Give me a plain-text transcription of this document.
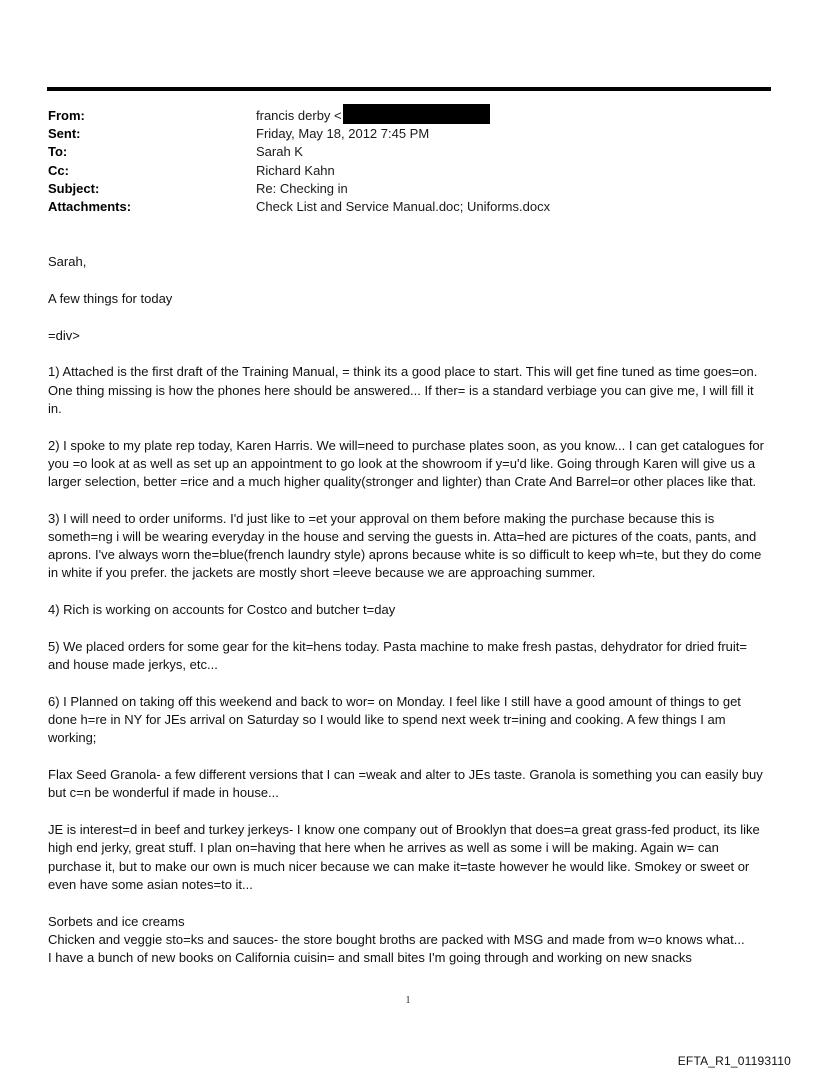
From:	francis derby <
Sent:	Friday, May 18, 2012 7:45 PM
To:	Sarah K
Cc:	Richard Kahn
Subject:	Re: Checking in
Attachments:	Check List and Service Manual.doc; Uniforms.docx

Sarah,

A few things for today

=div>

1) Attached is the first draft of the Training Manual, = think its a good place to start. This will get fine tuned as time goes=on. One thing missing is how the phones here should be answered... If ther= is a standard verbiage you can give me, I will fill it in.

2) I spoke to my plate rep today, Karen Harris. We will=need to purchase plates soon, as you know... I can get catalogues for you =o look at as well as set up an appointment to go look at the showroom if y=u'd like. Going through Karen will give us a larger selection, better =rice and a much higher quality(stronger and lighter) than Crate And Barrel=or other places like that.

3) I will need to order uniforms. I'd just like to =et your approval on them before making the purchase because this is someth=ng i will be wearing everyday in the house and serving the guests in. Atta=hed are pictures of the coats, pants, and aprons. I've always worn the=blue(french laundry style) aprons because white is so difficult to keep wh=te, but they do come in white if you prefer. the jackets are mostly short =leeve because we are approaching summer.

4) Rich is working on accounts for Costco and butcher t=day

5) We placed orders for some gear for the kit=hens today. Pasta machine to make fresh pastas, dehydrator for dried fruit= and house made jerkys, etc...

6) I Planned on taking off this weekend and back to wor= on Monday. I feel like I still have a good amount of things to get done h=re in NY for JEs arrival on Saturday so I would like to spend next week tr=ining and cooking. A few things I am working;

Flax Seed Granola- a few different versions that I can =weak and alter to JEs taste. Granola is something you can easily buy but c=n be wonderful if made in house...

JE is interest=d in beef and turkey jerkeys- I know one company out of Brooklyn that does=a great grass-fed product, its like high end jerky, great stuff. I plan on=having that here when he arrives as well as some i will be making. Again w= can purchase it, but to make our own is much nicer because we can make it=taste however he would like. Smokey or sweet or even have some asian notes=to it...

Sorbets and ice creams

Chicken and veggie sto=ks and sauces- the store bought broths are packed with MSG and made from w=o knows what...

I have a bunch of new books on California cuisin= and small bites I'm going through and working on new snacks

1
EFTA_R1_01193110
